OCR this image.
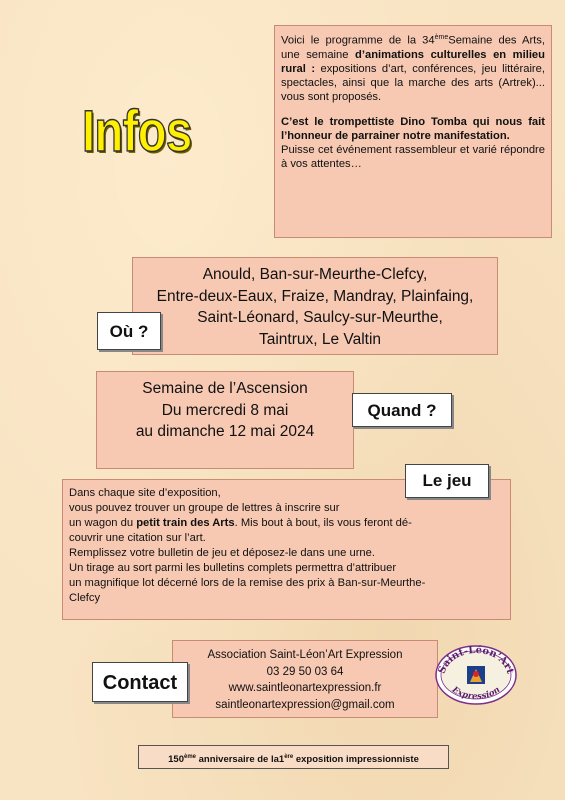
Infos

Voici le programme de la 34èmeSemaine des Arts, une semaine d’animations culturelles en milieu rural : expositions d’art, conférences, jeu littéraire, spectacles, ainsi que la marche des arts (Artrek)... vous sont proposés.

C’est le trompettiste Dino Tomba qui nous fait l’honneur de parrainer notre manifestation.
Puisse cet événement rassembleur et varié répondre à vos attentes…

Anould, Ban-sur-Meurthe-Clefcy,
Entre-deux-Eaux, Fraize, Mandray, Plainfaing,
Saint-Léonard, Saulcy-sur-Meurthe,
Taintrux, Le Valtin
Où ?
Semaine de l’Ascension
Du mercredi 8 mai
au dimanche 12 mai 2024
Quand ?
Dans chaque site d’exposition,
vous pouvez trouver un groupe de lettres à inscrire sur
un wagon du petit train des Arts. Mis bout à bout, ils vous feront dé-
couvrir une citation sur l’art.
Remplissez votre bulletin de jeu et déposez-le dans une urne.
Un tirage au sort parmi les bulletins complets permettra d’attribuer
un magnifique lot décerné lors de la remise des prix à Ban-sur-Meurthe-
Clefcy
Le jeu
Association Saint-Léon’Art Expression
03 29 50 03 64
www.saintleonartexpression.fr
saintleonartexpression@gmail.com
Contact
Saint-Léon’Art
Expression
150ème anniversaire de la1ère exposition impressionniste
